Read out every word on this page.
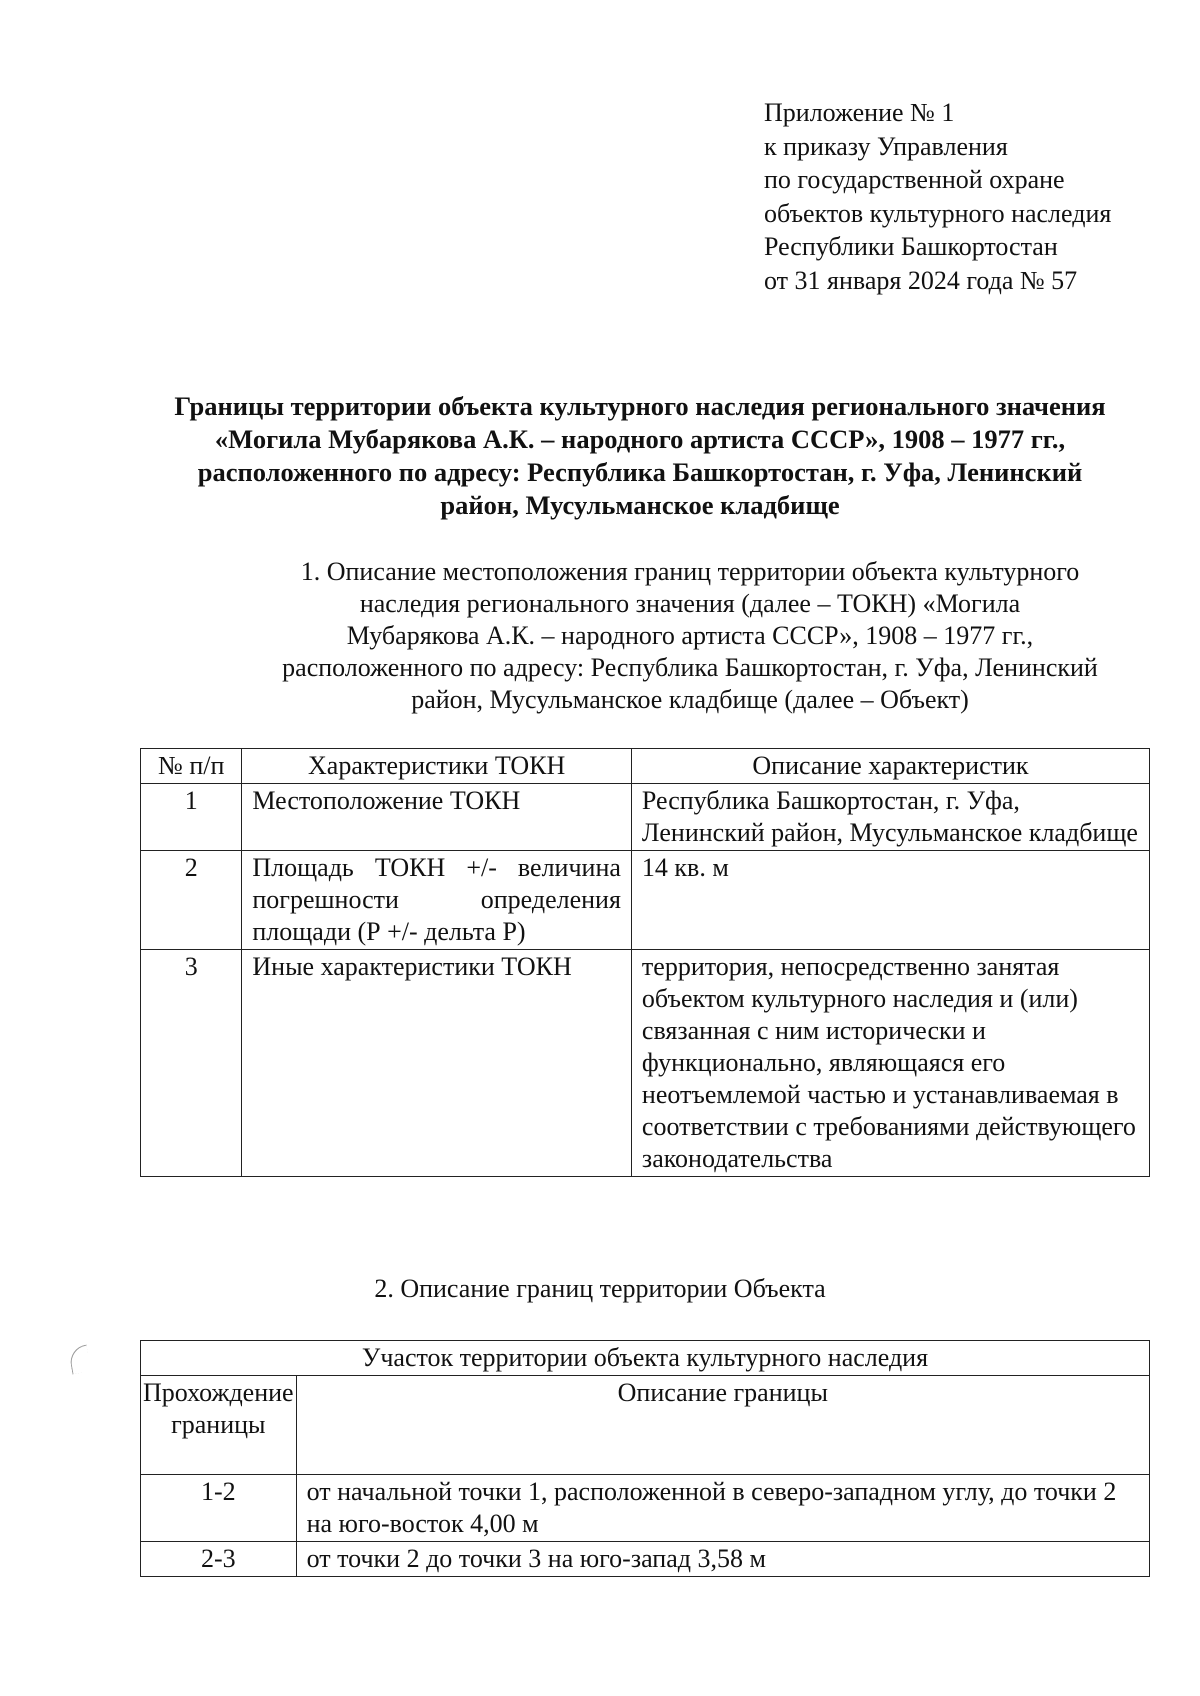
Приложение № 1
к приказу Управления
по государственной охране
объектов культурного наследия
Республики Башкортостан
от 31 января 2024 года № 57
Границы территории объекта культурного наследия регионального значения
«Могила Мубарякова А.К. – народного артиста СССР», 1908 – 1977 гг.,
расположенного по адресу: Республика Башкортостан, г. Уфа, Ленинский
район, Мусульманское кладбище
1. Описание местоположения границ территории объекта культурного
наследия регионального значения (далее – ТОКН) «Могила
Мубарякова А.К. – народного артиста СССР», 1908 – 1977 гг.,
расположенного по адресу: Республика Башкортостан, г. Уфа, Ленинский
район, Мусульманское кладбище (далее – Объект)
№ п/п	Характеристики ТОКН	Описание характеристик
1	Местоположение ТОКН	Республика Башкортостан, г. Уфа, Ленинский район, Мусульманское кладбище
2	Площадь ТОКН +/- величина погрешности определения площади (Р +/- дельта Р)	14 кв. м
3	Иные характеристики ТОКН	территория, непосредственно занятая объектом культурного наследия и (или) связанная с ним исторически и функционально, являющаяся его неотъемлемой частью и устанавливаемая в соответствии с требованиями действующего законодательства
2. Описание границ территории Объекта
Участок территории объекта культурного наследия	
Прохождение границы	Описание границы
1-2	от начальной точки 1, расположенной в северо-западном углу, до точки 2 на юго-восток 4,00 м
2-3	от точки 2 до точки 3 на юго-запад 3,58 м
